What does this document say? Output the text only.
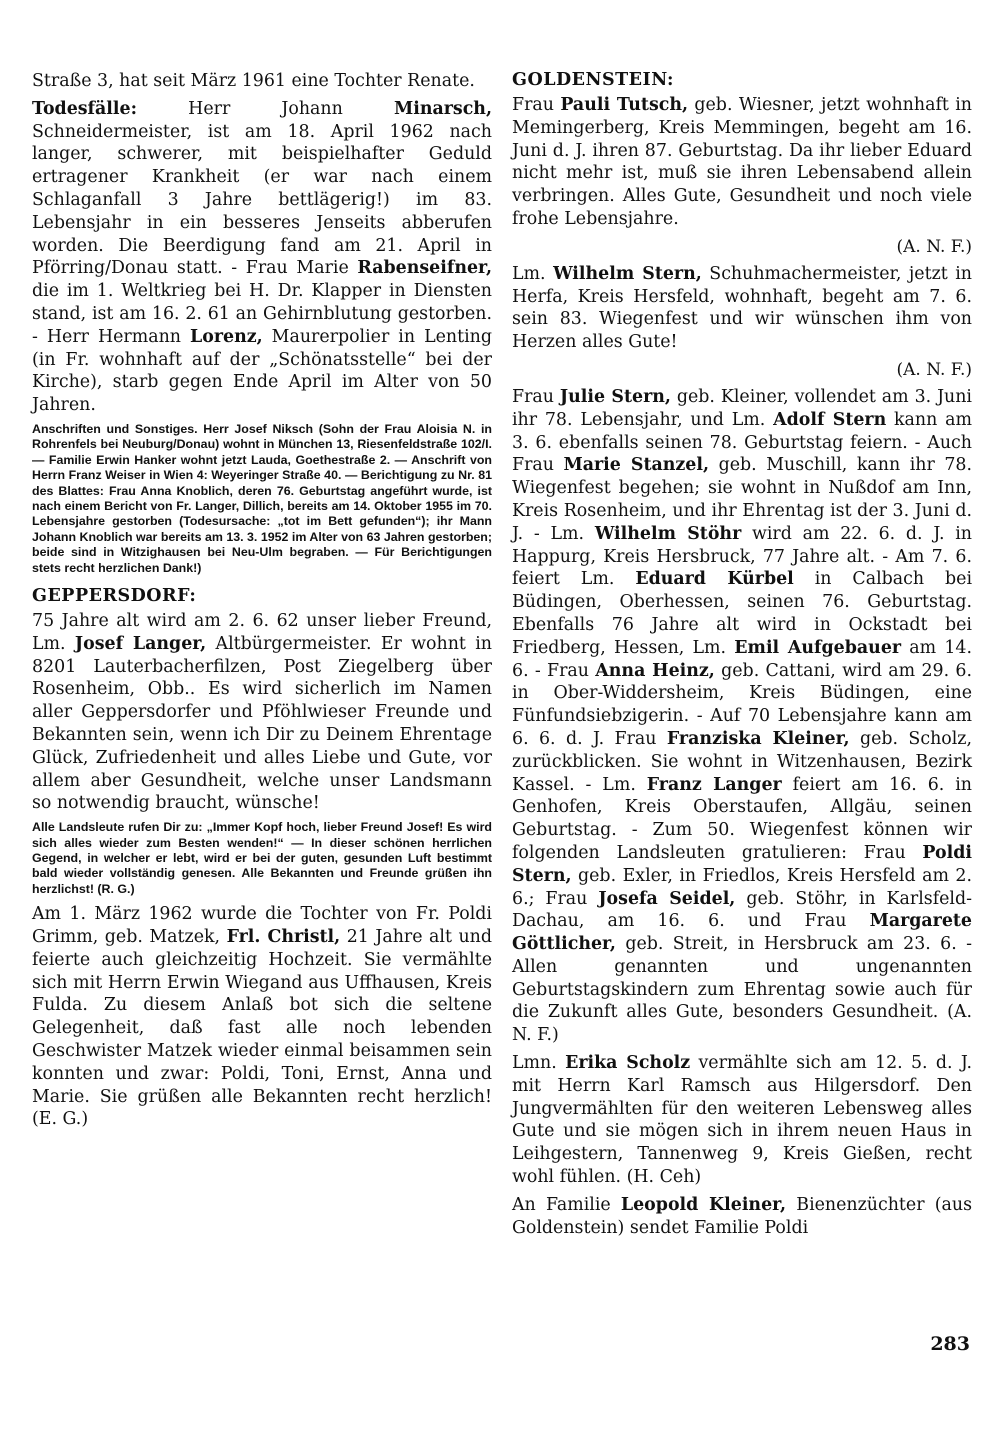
Straße 3, hat seit März 1961 eine Tochter Renate.

Todesfälle: Herr Johann Minarsch, Schneidermeister, ist am 18. April 1962 nach langer, schwerer, mit beispielhafter Geduld ertragener Krankheit (er war nach einem Schlaganfall 3 Jahre bettlägerig!) im 83. Lebensjahr in ein besseres Jenseits abberufen worden. Die Beerdigung fand am 21. April in Pförring/Donau statt. - Frau Marie Rabenseifner, die im 1. Weltkrieg bei H. Dr. Klapper in Diensten stand, ist am 16. 2. 61 an Gehirnblutung gestorben. - Herr Hermann Lorenz, Maurerpolier in Lenting (in Fr. wohnhaft auf der „Schönatsstelle“ bei der Kirche), starb gegen Ende April im Alter von 50 Jahren.

Anschriften und Sonstiges. Herr Josef Niksch (Sohn der Frau Aloisia N. in Rohrenfels bei Neuburg/Donau) wohnt in München 13, Riesenfeldstraße 102/I. — Familie Erwin Hanker wohnt jetzt Lauda, Goethestraße 2. — Anschrift von Herrn Franz Weiser in Wien 4: Weyeringer Straße 40. — Berichtigung zu Nr. 81 des Blattes: Frau Anna Knoblich, deren 76. Geburtstag angeführt wurde, ist nach einem Bericht von Fr. Langer, Dillich, bereits am 14. Oktober 1955 im 70. Lebensjahre gestorben (Todesursache: „tot im Bett gefunden“); ihr Mann Johann Knoblich war bereits am 13. 3. 1952 im Alter von 63 Jahren gestorben; beide sind in Witzighausen bei Neu-Ulm begraben. — Für Berichtigungen stets recht herzlichen Dank!)

GEPPERSDORF:

75 Jahre alt wird am 2. 6. 62 unser lieber Freund, Lm. Josef Langer, Altbürgermeister. Er wohnt in 8201 Lauterbacherfilzen, Post Ziegelberg über Rosenheim, Obb.. Es wird sicherlich im Namen aller Geppersdorfer und Pföhlwieser Freunde und Bekannten sein, wenn ich Dir zu Deinem Ehrentage Glück, Zufriedenheit und alles Liebe und Gute, vor allem aber Gesundheit, welche unser Landsmann so notwendig braucht, wünsche!

Alle Landsleute rufen Dir zu: „Immer Kopf hoch, lieber Freund Josef! Es wird sich alles wieder zum Besten wenden!“ — In dieser schönen herrlichen Gegend, in welcher er lebt, wird er bei der guten, gesunden Luft bestimmt bald wieder vollständig genesen. Alle Bekannten und Freunde grüßen ihn herzlichst! (R. G.)

Am 1. März 1962 wurde die Tochter von Fr. Poldi Grimm, geb. Matzek, Frl. Christl, 21 Jahre alt und feierte auch gleichzeitig Hochzeit. Sie vermählte sich mit Herrn Erwin Wiegand aus Uffhausen, Kreis Fulda. Zu diesem Anlaß bot sich die seltene Gelegenheit, daß fast alle noch lebenden Geschwister Matzek wieder einmal beisammen sein konnten und zwar: Poldi, Toni, Ernst, Anna und Marie. Sie grüßen alle Bekannten recht herzlich! (E. G.)

GOLDENSTEIN:

Frau Pauli Tutsch, geb. Wiesner, jetzt wohnhaft in Memingerberg, Kreis Memmingen, begeht am 16. Juni d. J. ihren 87. Geburtstag. Da ihr lieber Eduard nicht mehr ist, muß sie ihren Lebensabend allein verbringen. Alles Gute, Gesundheit und noch viele frohe Lebensjahre.

(A. N. F.)

Lm. Wilhelm Stern, Schuhmachermeister, jetzt in Herfa, Kreis Hersfeld, wohnhaft, begeht am 7. 6. sein 83. Wiegenfest und wir wünschen ihm von Herzen alles Gute!

(A. N. F.)

Frau Julie Stern, geb. Kleiner, vollendet am 3. Juni ihr 78. Lebensjahr, und Lm. Adolf Stern kann am 3. 6. ebenfalls seinen 78. Geburtstag feiern. - Auch Frau Marie Stanzel, geb. Muschill, kann ihr 78. Wiegenfest begehen; sie wohnt in Nußdof am Inn, Kreis Rosenheim, und ihr Ehrentag ist der 3. Juni d. J. - Lm. Wilhelm Stöhr wird am 22. 6. d. J. in Happurg, Kreis Hersbruck, 77 Jahre alt. - Am 7. 6. feiert Lm. Eduard Kürbel in Calbach bei Büdingen, Oberhessen, seinen 76. Geburtstag. Ebenfalls 76 Jahre alt wird in Ockstadt bei Friedberg, Hessen, Lm. Emil Aufgebauer am 14. 6. - Frau Anna Heinz, geb. Cattani, wird am 29. 6. in Ober-Widdersheim, Kreis Büdingen, eine Fünfundsiebzigerin. - Auf 70 Lebensjahre kann am 6. 6. d. J. Frau Franziska Kleiner, geb. Scholz, zurückblicken. Sie wohnt in Witzenhausen, Bezirk Kassel. - Lm. Franz Langer feiert am 16. 6. in Genhofen, Kreis Oberstaufen, Allgäu, seinen Geburtstag. - Zum 50. Wiegenfest können wir folgenden Landsleuten gratulieren: Frau Poldi Stern, geb. Exler, in Friedlos, Kreis Hersfeld am 2. 6.; Frau Josefa Seidel, geb. Stöhr, in Karlsfeld-Dachau, am 16. 6. und Frau Margarete Göttlicher, geb. Streit, in Hersbruck am 23. 6. - Allen genannten und ungenannten Geburtstagskindern zum Ehrentag sowie auch für die Zukunft alles Gute, besonders Gesundheit. (A. N. F.)

Lmn. Erika Scholz vermählte sich am 12. 5. d. J. mit Herrn Karl Ramsch aus Hilgersdorf. Den Jungvermählten für den weiteren Lebensweg alles Gute und sie mögen sich in ihrem neuen Haus in Leihgestern, Tannenweg 9, Kreis Gießen, recht wohl fühlen. (H. Ceh)

An Familie Leopold Kleiner, Bienenzüchter (aus Goldenstein) sendet Familie Poldi

283
